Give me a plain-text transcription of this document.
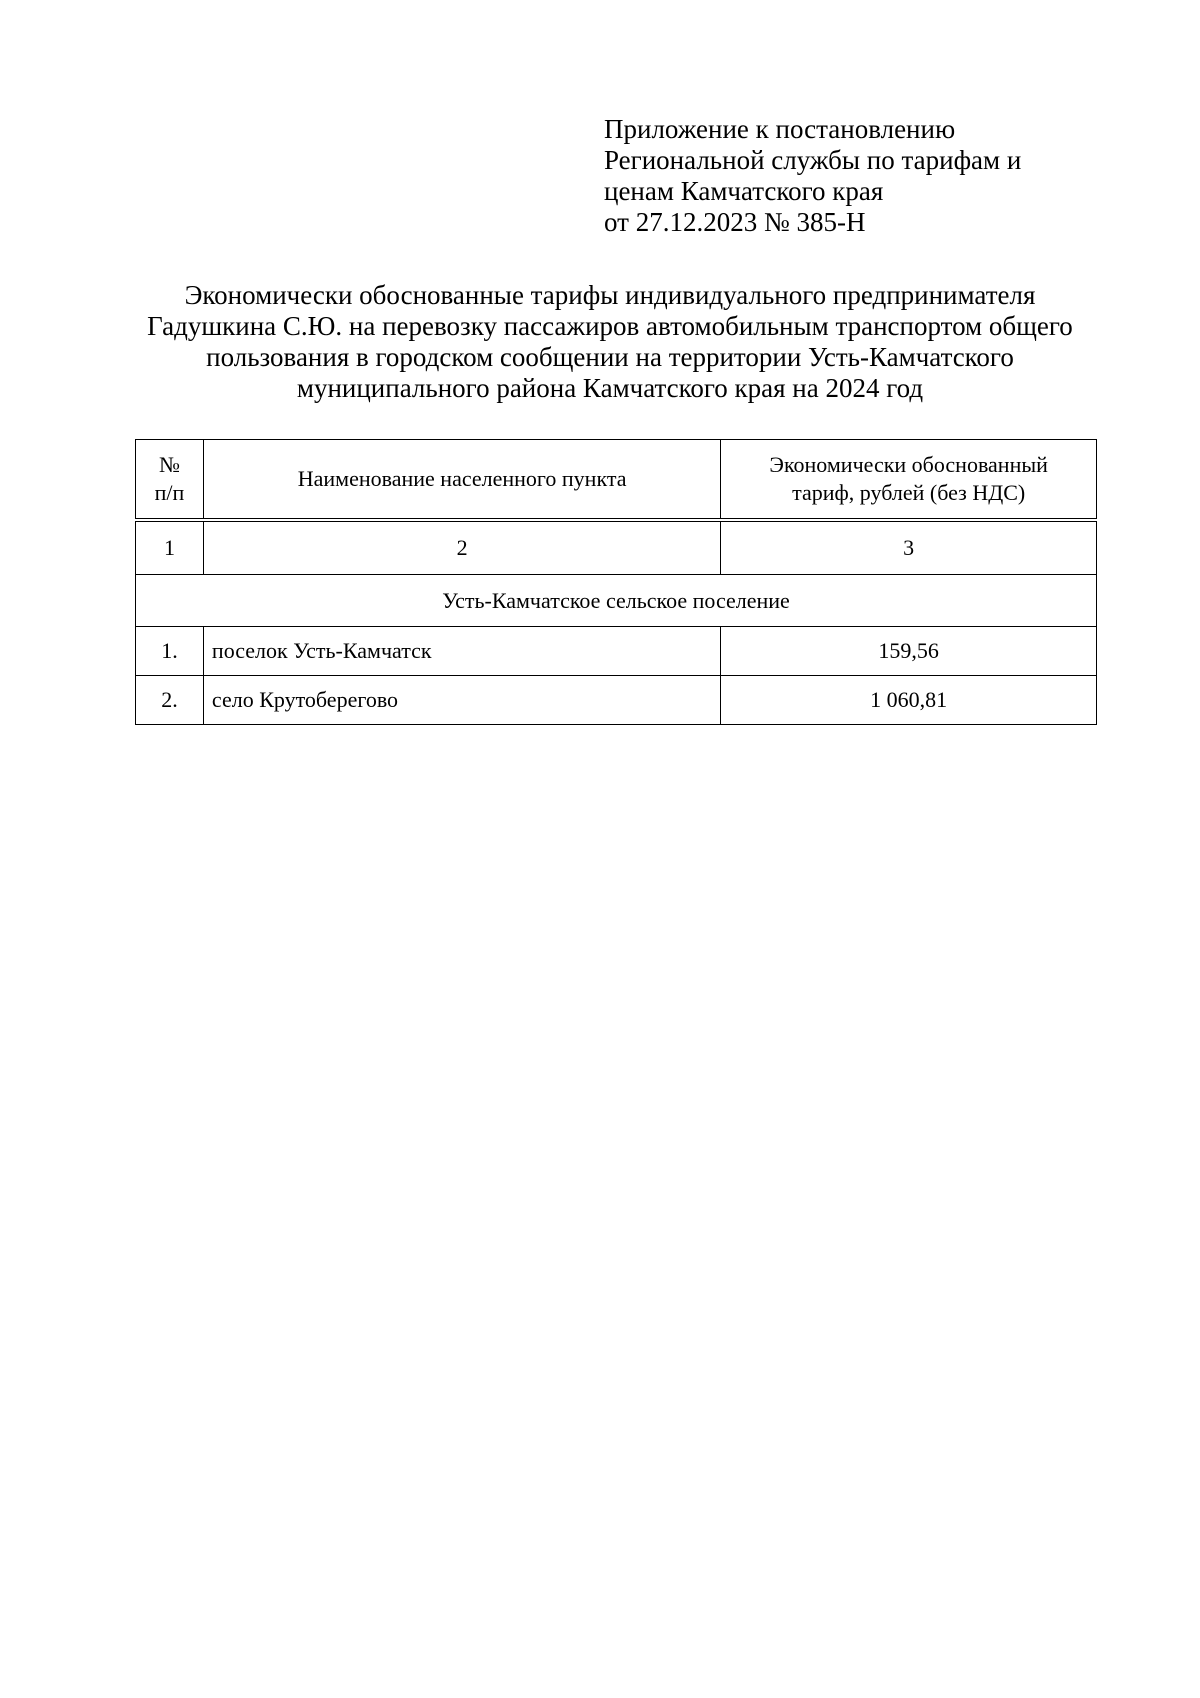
Приложение к постановлению
Региональной службы по тарифам и
ценам Камчатского края
от 27.12.2023 № 385-Н
Экономически обоснованные тарифы индивидуального предпринимателя
Гадушкина С.Ю. на перевозку пассажиров автомобильным транспортом общего
пользования в городском сообщении на территории Усть-Камчатского
муниципального района Камчатского края на 2024 год
№
п/п	Наименование населенного пункта	Экономически обоснованный
тариф, рублей (без НДС)

1	2	3
Усть-Камчатское сельское поселение		
1.	поселок Усть-Камчатск	159,56
2.	село Крутоберегово	1 060,81
